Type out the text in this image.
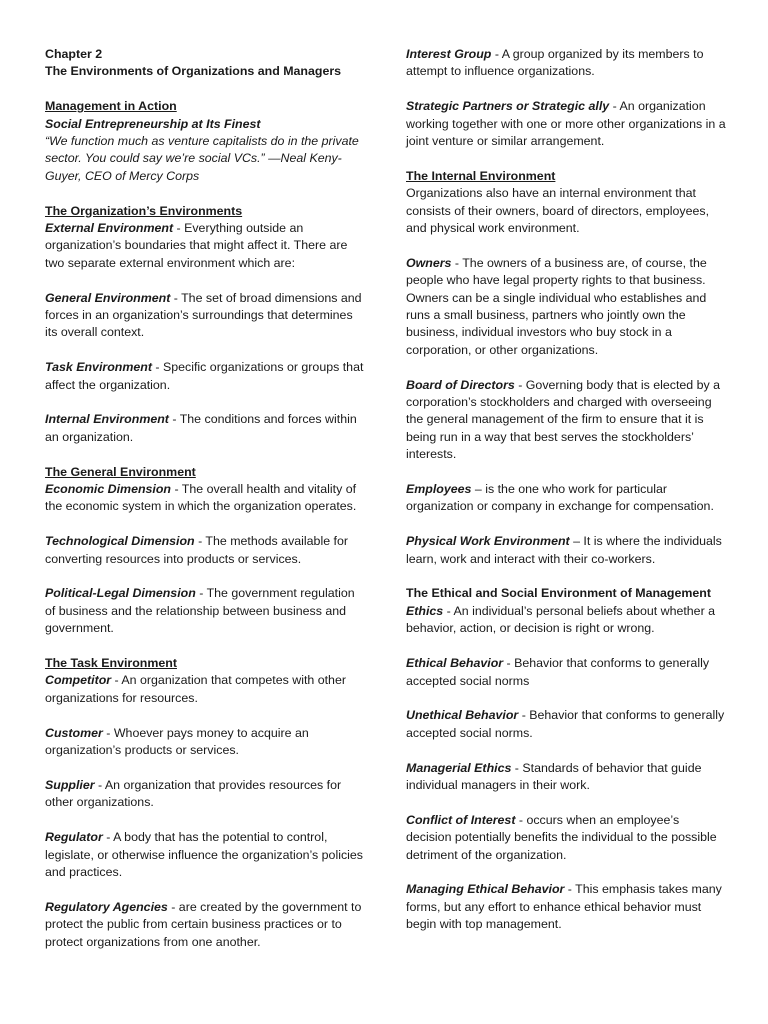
Chapter 2
The Environments of Organizations and Managers
Management in Action
Social Entrepreneurship at Its Finest
“We function much as venture capitalists do in the private sector. You could say we’re social VCs.” —Neal Keny-Guyer, CEO of Mercy Corps
The Organization’s Environments

External Environment - Everything outside an organization’s boundaries that might affect it. There are two separate external environment which are:

General Environment - The set of broad dimensions and forces in an organization’s surroundings that determines its overall context.

Task Environment - Specific organizations or groups that affect the organization.

Internal Environment - The conditions and forces within an organization.

The General Environment

Economic Dimension - The overall health and vitality of the economic system in which the organization operates.

Technological Dimension - The methods available for converting resources into products or services.

Political-Legal Dimension - The government regulation of business and the relationship between business and government.

The Task Environment

Competitor - An organization that competes with other organizations for resources.

Customer - Whoever pays money to acquire an organization’s products or services.

Supplier - An organization that provides resources for other organizations.

Regulator - A body that has the potential to control, legislate, or otherwise influence the organization’s policies and practices.

Regulatory Agencies - are created by the government to protect the public from certain business practices or to protect organizations from one another.

Interest Group - A group organized by its members to attempt to influence organizations.

Strategic Partners or Strategic ally - An organization working together with one or more other organizations in a joint venture or similar arrangement.

The Internal Environment

Organizations also have an internal environment that consists of their owners, board of directors, employees, and physical work environment.

Owners - The owners of a business are, of course, the people who have legal property rights to that business. Owners can be a single individual who establishes and runs a small business, partners who jointly own the business, individual investors who buy stock in a corporation, or other organizations.

Board of Directors - Governing body that is elected by a corporation’s stockholders and charged with overseeing the general management of the firm to ensure that it is being run in a way that best serves the stockholders’ interests.

Employees – is the one who work for particular organization or company in exchange for compensation.

Physical Work Environment – It is where the individuals learn, work and interact with their co-workers.

The Ethical and Social Environment of Management

Ethics - An individual’s personal beliefs about whether a behavior, action, or decision is right or wrong.

Ethical Behavior - Behavior that conforms to generally accepted social norms

Unethical Behavior - Behavior that conforms to generally accepted social norms.

Managerial Ethics - Standards of behavior that guide individual managers in their work.

Conflict of Interest - occurs when an employee’s decision potentially benefits the individual to the possible detriment of the organization.

Managing Ethical Behavior - This emphasis takes many forms, but any effort to enhance ethical behavior must begin with top management.
